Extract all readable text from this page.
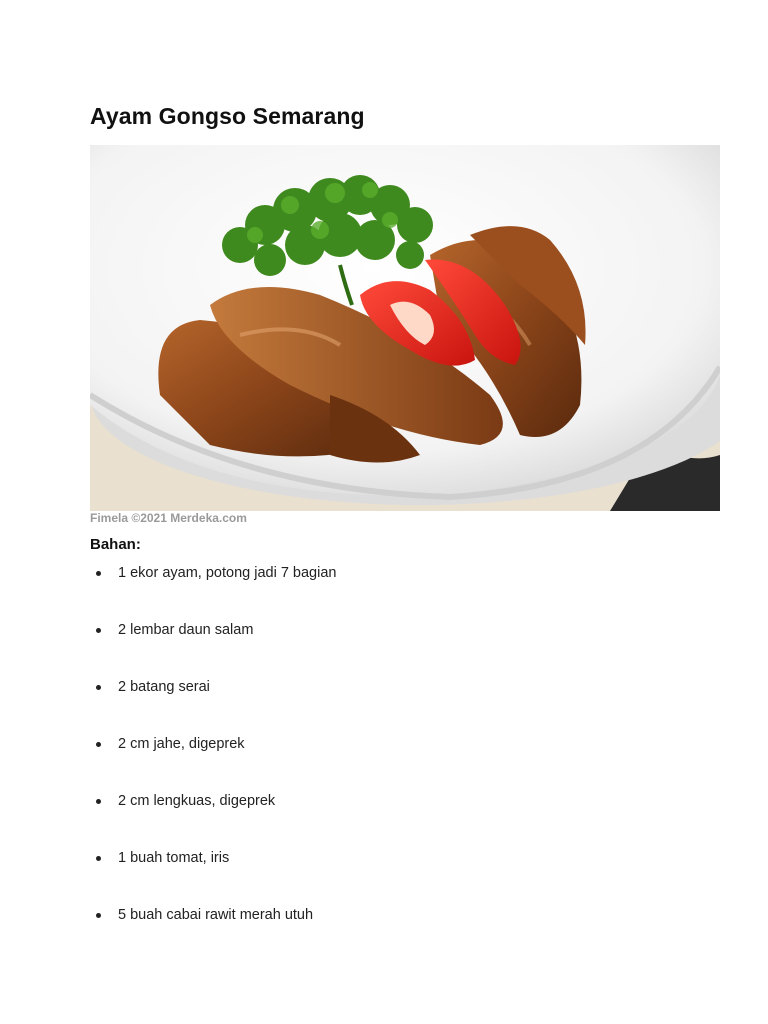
Ayam Gongso Semarang
Fimela ©2021 Merdeka.com
Bahan:
1 ekor ayam, potong jadi 7 bagian
2 lembar daun salam
2 batang serai
2 cm jahe, digeprek
2 cm lengkuas, digeprek
1 buah tomat, iris
5 buah cabai rawit merah utuh
